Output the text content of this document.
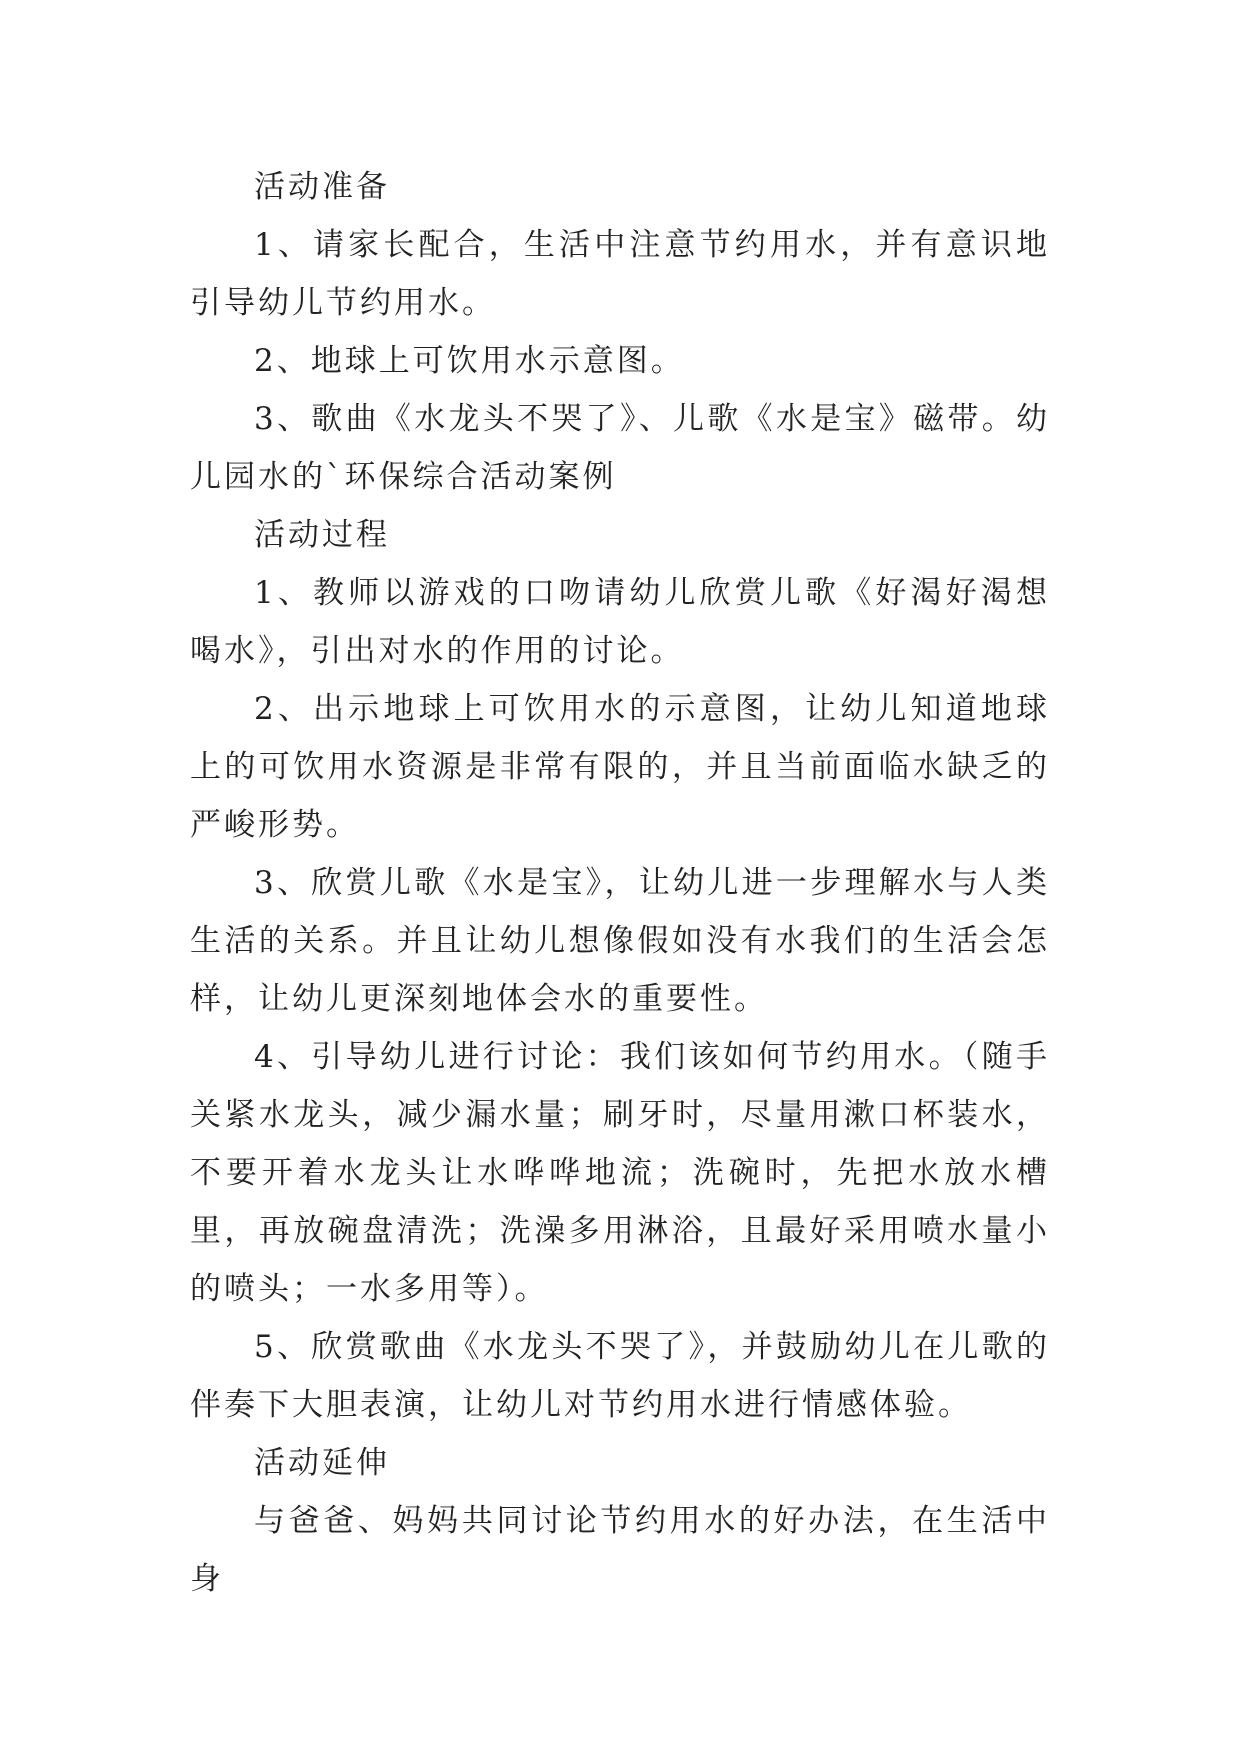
活动准备

1、请家长配合，生活中注意节约用水，并有意识地引导幼儿节约用水。

2、地球上可饮用水示意图。

3、歌曲《水龙头不哭了》、儿歌《水是宝》磁带。幼儿园水的`环保综合活动案例

活动过程

1、教师以游戏的口吻请幼儿欣赏儿歌《好渴好渴想喝水》，引出对水的作用的讨论。

2、出示地球上可饮用水的示意图，让幼儿知道地球上的可饮用水资源是非常有限的，并且当前面临水缺乏的严峻形势。

3、欣赏儿歌《水是宝》，让幼儿进一步理解水与人类生活的关系。并且让幼儿想像假如没有水我们的生活会怎样，让幼儿更深刻地体会水的重要性。

4、引导幼儿进行讨论：我们该如何节约用水。（随手关紧水龙头，减少漏水量；刷牙时，尽量用漱口杯装水，不要开着水龙头让水哗哗地流；洗碗时，先把水放水槽里，再放碗盘清洗；洗澡多用淋浴，且最好采用喷水量小的喷头；一水多用等）。

5、欣赏歌曲《水龙头不哭了》，并鼓励幼儿在儿歌的伴奏下大胆表演，让幼儿对节约用水进行情感体验。

活动延伸

与爸爸、妈妈共同讨论节约用水的好办法，在生活中身
